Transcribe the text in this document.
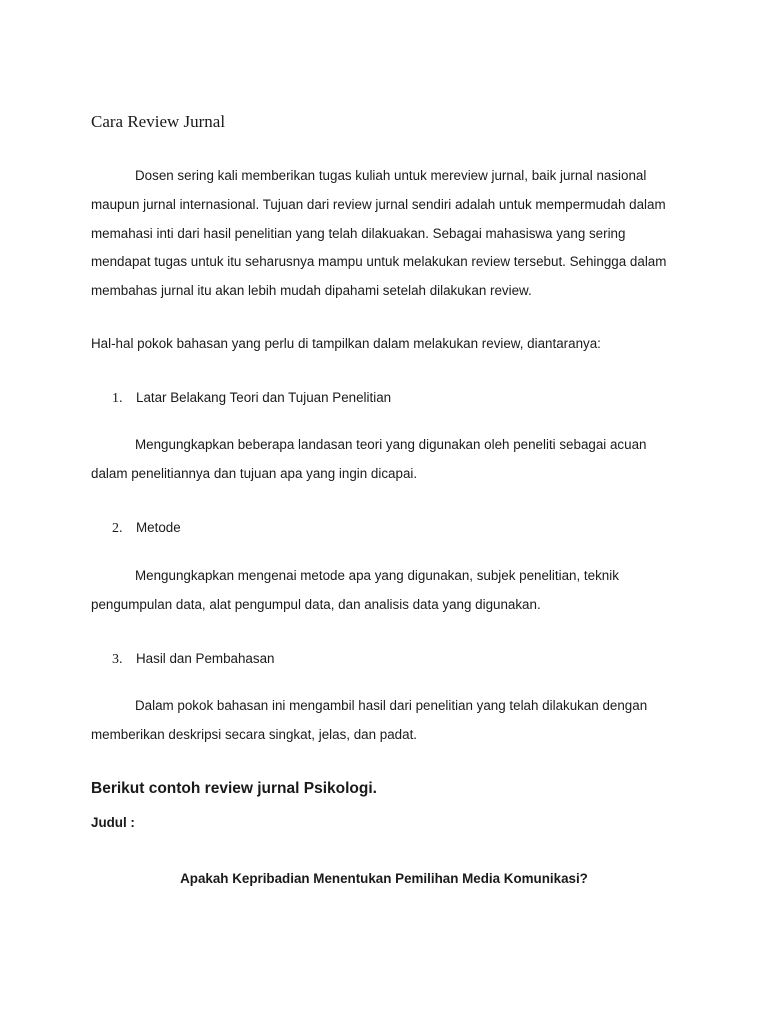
Cara Review Jurnal

Dosen sering kali memberikan tugas kuliah untuk mereview jurnal, baik jurnal nasional maupun jurnal internasional. Tujuan dari review jurnal sendiri adalah untuk mempermudah dalam memahasi inti dari hasil penelitian yang telah dilakuakan. Sebagai mahasiswa yang sering mendapat tugas untuk itu seharusnya mampu untuk melakukan review tersebut. Sehingga dalam membahas jurnal itu akan lebih mudah dipahami setelah dilakukan review.

Hal-hal pokok bahasan yang perlu di tampilkan dalam melakukan review, diantaranya:
1. Latar Belakang Teori dan Tujuan Penelitian

Mengungkapkan beberapa landasan teori yang digunakan oleh peneliti sebagai acuan dalam penelitiannya dan tujuan apa yang ingin dicapai.

2. Metode

Mengungkapkan mengenai metode apa yang digunakan, subjek penelitian, teknik pengumpulan data, alat pengumpul data, dan analisis data yang digunakan.

3. Hasil dan Pembahasan

Dalam pokok bahasan ini mengambil hasil dari penelitian yang telah dilakukan dengan memberikan deskripsi secara singkat, jelas, dan padat.

Berikut contoh review jurnal Psikologi.
Judul :
Apakah Kepribadian Menentukan Pemilihan Media Komunikasi?
